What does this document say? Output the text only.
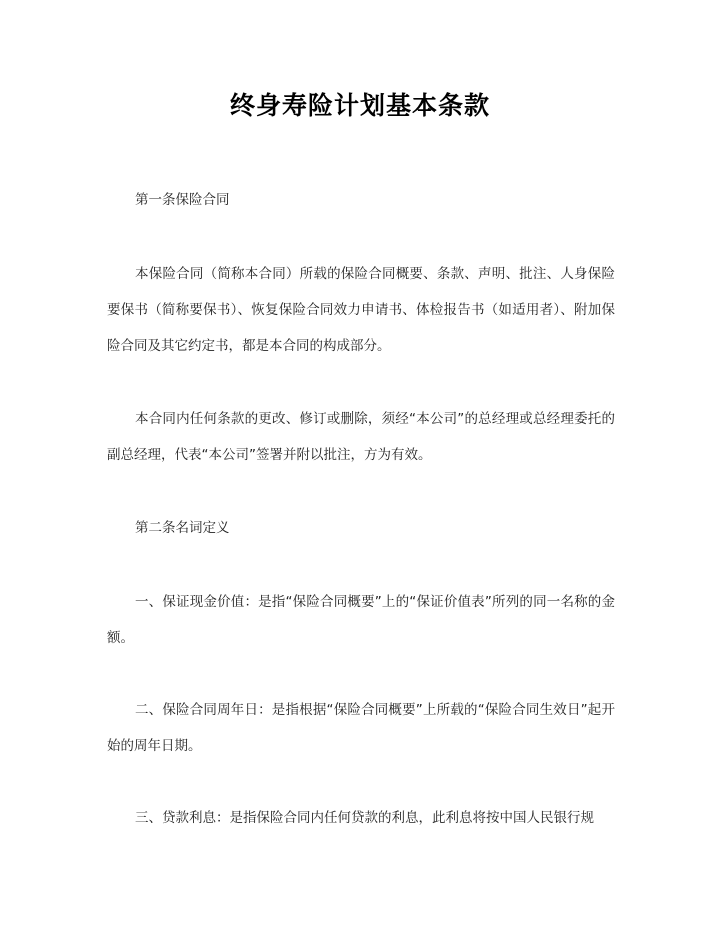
终身寿险计划基本条款
第一条保险合同
本保险合同（简称本合同）所载的保险合同概要、条款、声明、批注、人身保险要保书（简称要保书）、恢复保险合同效力申请书、体检报告书（如适用者）、附加保险合同及其它约定书，都是本合同的构成部分。
本合同内任何条款的更改、修订或删除，须经“本公司”的总经理或总经理委托的副总经理，代表“本公司”签署并附以批注，方为有效。
第二条名词定义
一、保证现金价值：是指“保险合同概要”上的“保证价值表”所列的同一名称的金额。
二、保险合同周年日：是指根据“保险合同概要”上所载的“保险合同生效日”起开始的周年日期。
三、贷款利息：是指保险合同内任何贷款的利息，此利息将按中国人民银行规
